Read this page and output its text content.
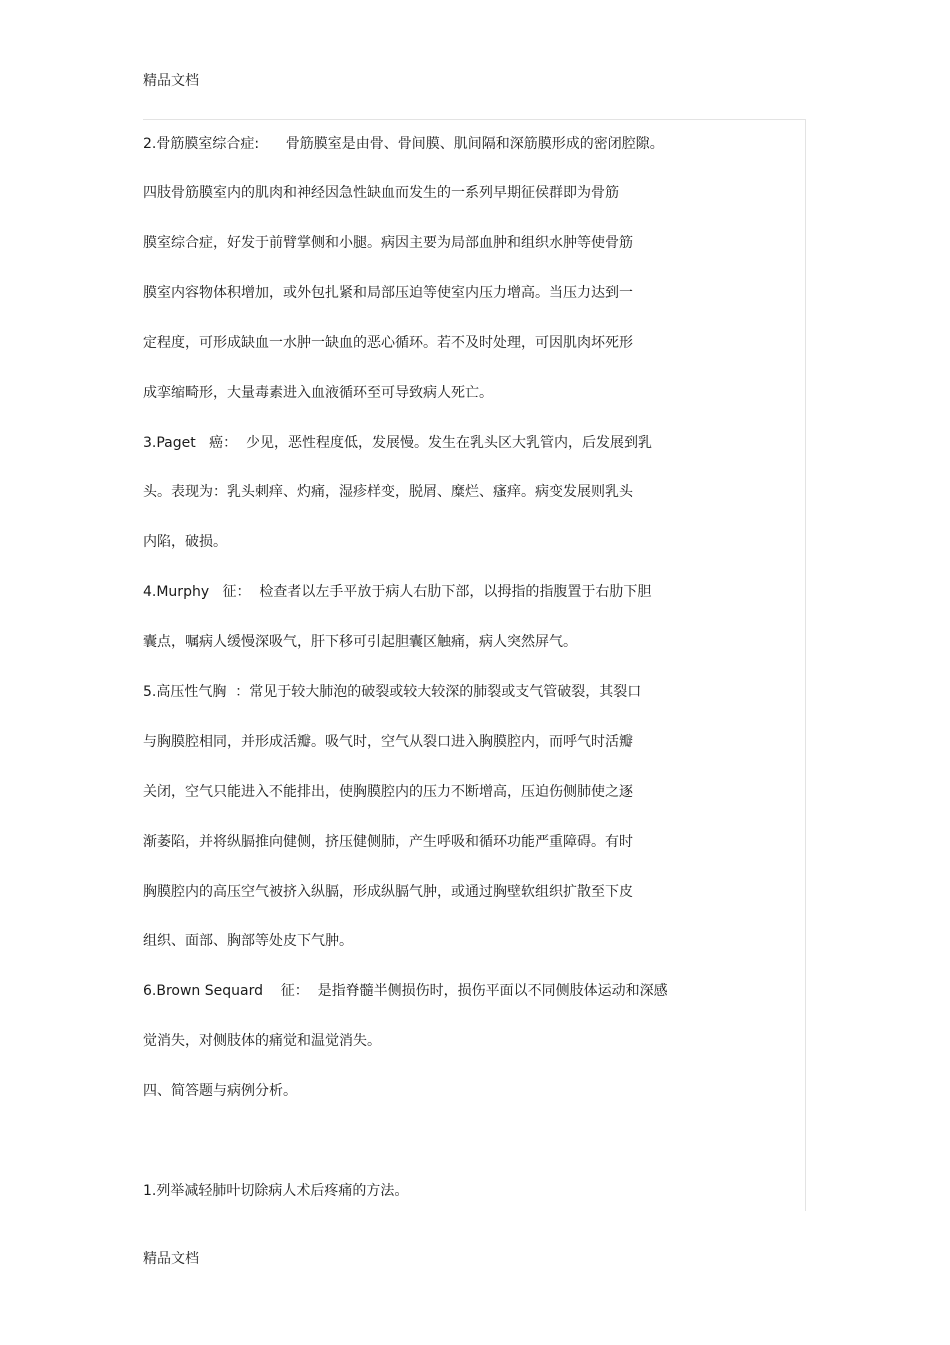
精品文档
2.骨筋膜室综合症:      骨筋膜室是由骨、骨间膜、肌间隔和深筋膜形成的密闭腔隙。
四肢骨筋膜室内的肌肉和神经因急性缺血而发生的一系列早期征侯群即为骨筋
膜室综合症，好发于前臂掌侧和小腿。病因主要为局部血肿和组织水肿等使骨筋
膜室内容物体积增加，或外包扎紧和局部压迫等使室内压力增高。当压力达到一
定程度，可形成缺血一水肿一缺血的恶心循环。若不及时处理，可因肌肉坏死形
成挛缩畸形，大量毒素进入血液循环至可导致病人死亡。
3.Paget   癌：  少见，恶性程度低，发展慢。发生在乳头区大乳管内，后发展到乳
头。表现为：乳头刺痒、灼痛，湿疹样变，脱屑、糜烂、瘙痒。病变发展则乳头
内陷，破损。
4.Murphy   征：  检查者以左手平放于病人右肋下部，以拇指的指腹置于右肋下胆
囊点，嘱病人缓慢深吸气，肝下移可引起胆囊区触痛，病人突然屏气。
5.高压性气胸  ：常见于较大肺泡的破裂或较大较深的肺裂或支气管破裂，其裂口
与胸膜腔相同，并形成活瓣。吸气时，空气从裂口进入胸膜腔内，而呼气时活瓣
关闭，空气只能进入不能排出，使胸膜腔内的压力不断增高，压迫伤侧肺使之逐
渐萎陷，并将纵膈推向健侧，挤压健侧肺，产生呼吸和循环功能严重障碍。有时
胸膜腔内的高压空气被挤入纵膈，形成纵膈气肿，或通过胸壁软组织扩散至下皮
组织、面部、胸部等处皮下气肿。
6.Brown Sequard    征：  是指脊髓半侧损伤时，损伤平面以不同侧肢体运动和深感
觉消失，对侧肢体的痛觉和温觉消失。
四、简答题与病例分析。
1.列举减轻肺叶切除病人术后疼痛的方法。
精品文档
